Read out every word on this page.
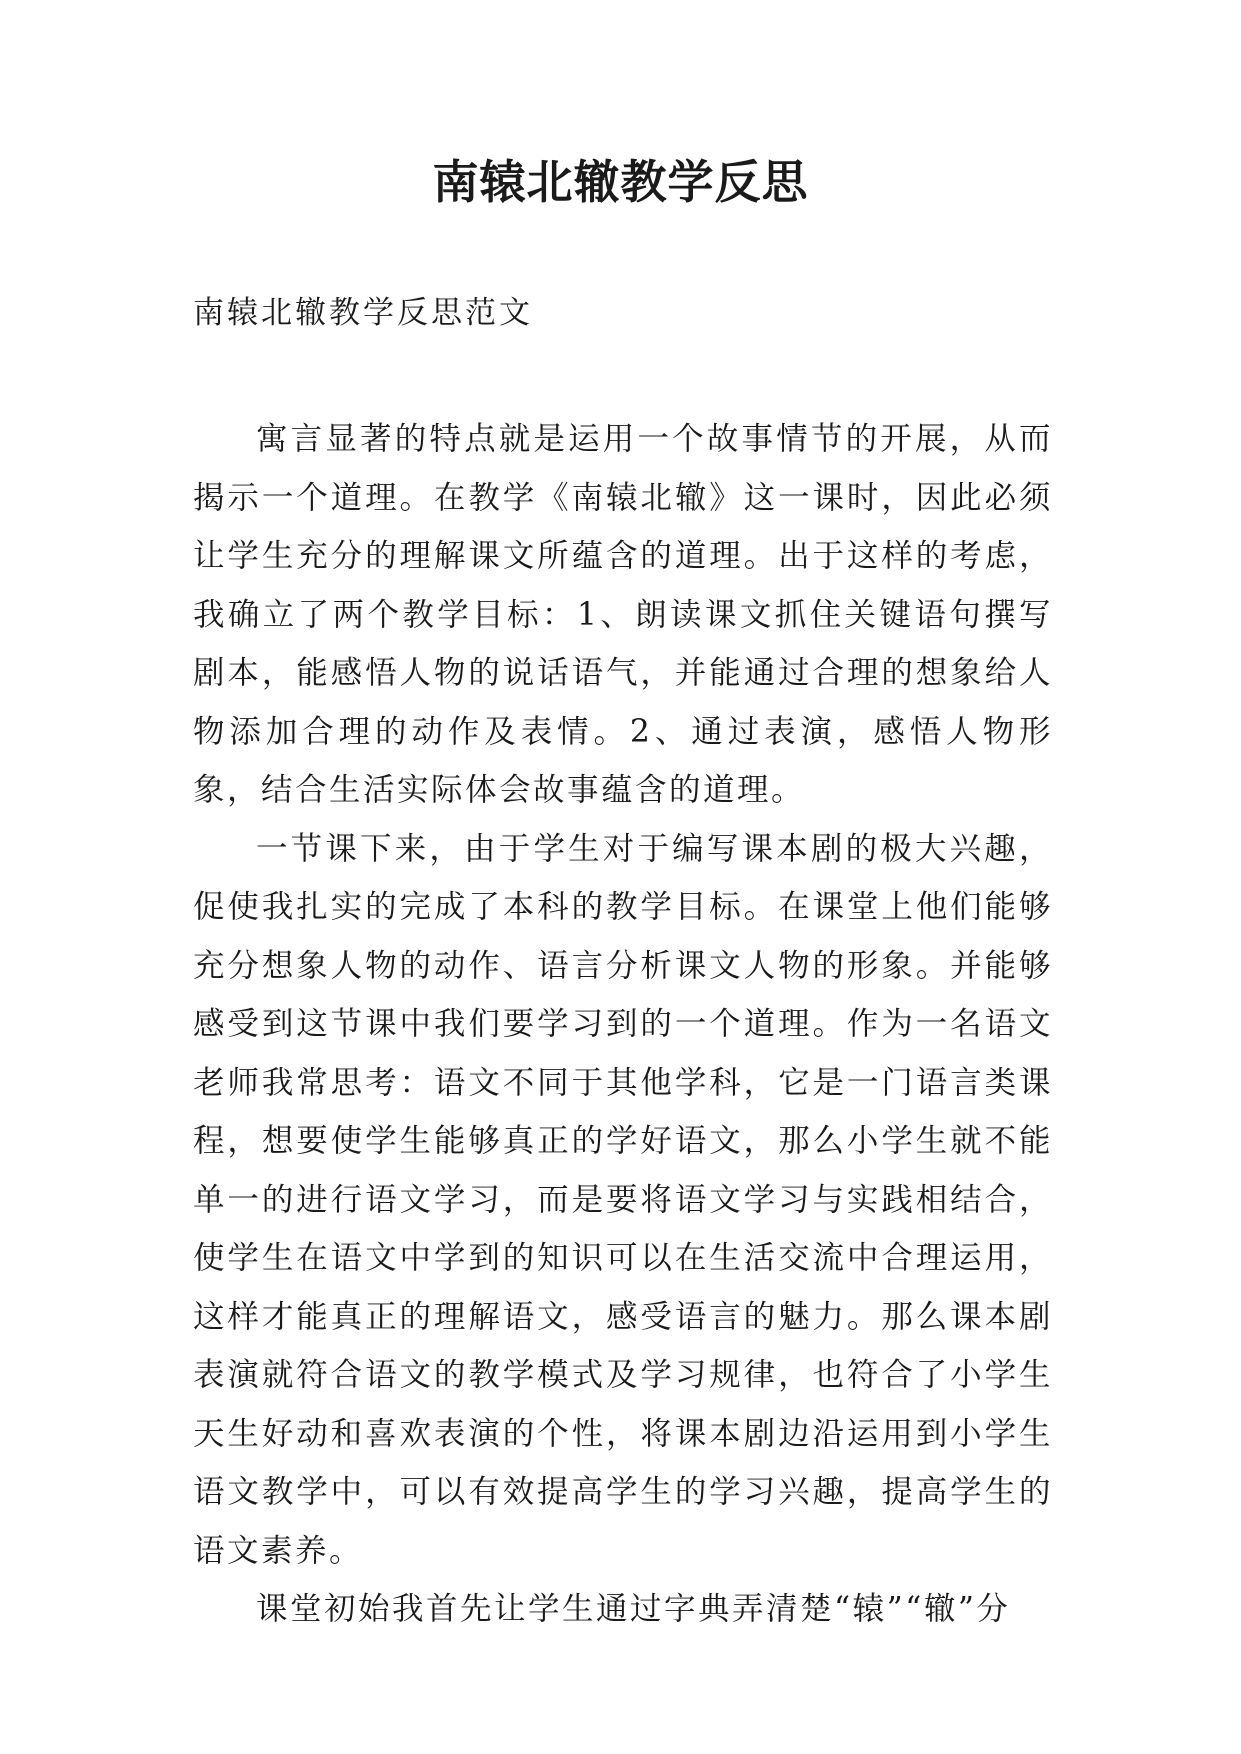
南辕北辙教学反思

南辕北辙教学反思范文

寓言显著的特点就是运用一个故事情节的开展，从而揭示一个道理。在教学《南辕北辙》这一课时，因此必须让学生充分的理解课文所蕴含的道理。出于这样的考虑，我确立了两个教学目标：1、朗读课文抓住关键语句撰写剧本，能感悟人物的说话语气，并能通过合理的想象给人物添加合理的动作及表情。2、通过表演，感悟人物形象，结合生活实际体会故事蕴含的道理。

一节课下来，由于学生对于编写课本剧的极大兴趣，促使我扎实的完成了本科的教学目标。在课堂上他们能够充分想象人物的动作、语言分析课文人物的形象。并能够感受到这节课中我们要学习到的一个道理。作为一名语文老师我常思考：语文不同于其他学科，它是一门语言类课程，想要使学生能够真正的学好语文，那么小学生就不能单一的进行语文学习，而是要将语文学习与实践相结合，使学生在语文中学到的知识可以在生活交流中合理运用，这样才能真正的理解语文，感受语言的魅力。那么课本剧表演就符合语文的教学模式及学习规律，也符合了小学生天生好动和喜欢表演的个性，将课本剧边沿运用到小学生语文教学中，可以有效提高学生的学习兴趣，提高学生的语文素养。

课堂初始我首先让学生通过字典弄清楚“辕”“辙”分
